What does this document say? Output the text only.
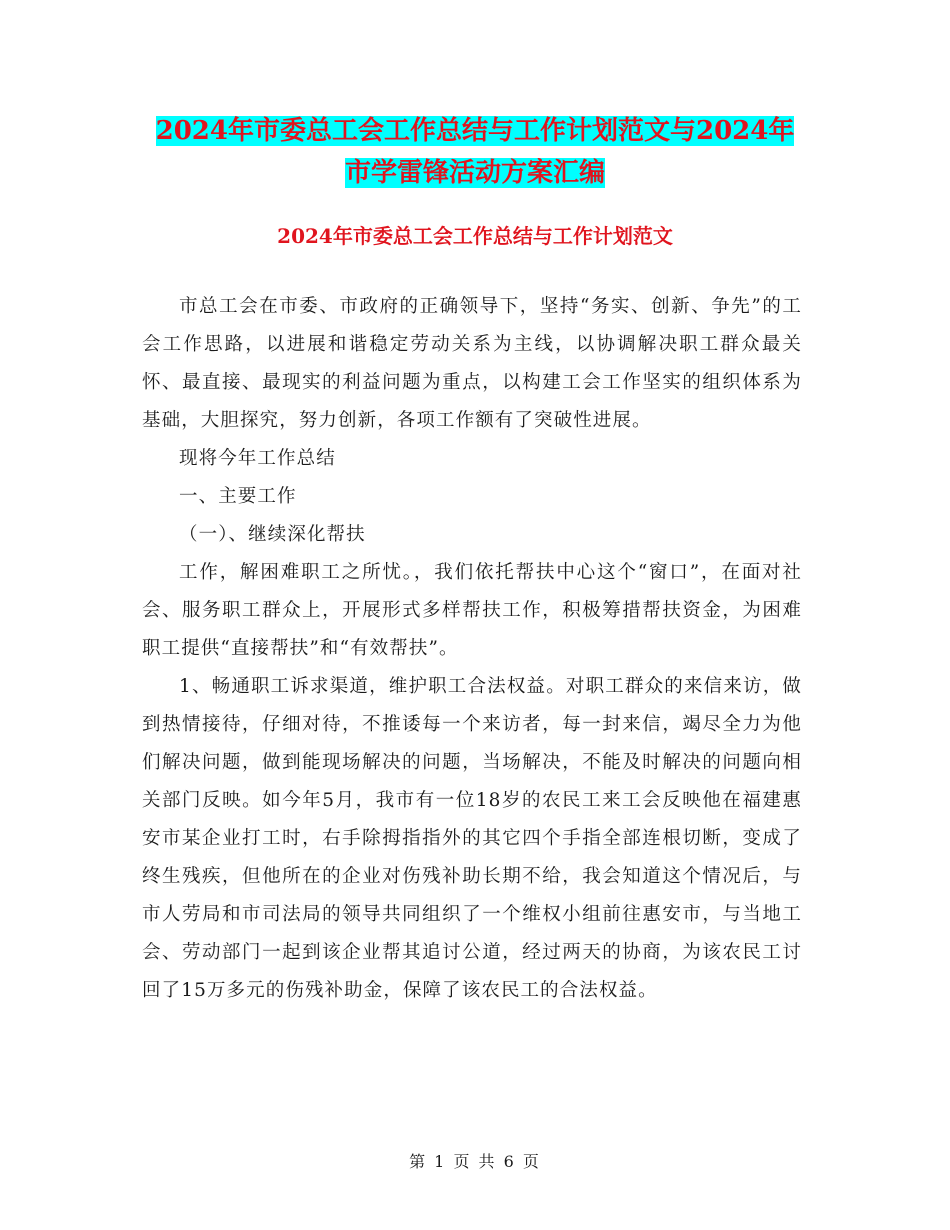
2024年市委总工会工作总结与工作计划范文与2024年
市学雷锋活动方案汇编
2024年市委总工会工作总结与工作计划范文

市总工会在市委、市政府的正确领导下，坚持“务实、创新、争先”的工会工作思路，以进展和谐稳定劳动关系为主线，以协调解决职工群众最关怀、最直接、最现实的利益问题为重点，以构建工会工作坚实的组织体系为基础，大胆探究，努力创新，各项工作额有了突破性进展。

现将今年工作总结

一、主要工作

（一）、继续深化帮扶

工作，解困难职工之所忧。，我们依托帮扶中心这个“窗口”，在面对社会、服务职工群众上，开展形式多样帮扶工作，积极筹措帮扶资金，为困难职工提供“直接帮扶”和“有效帮扶”。

1、畅通职工诉求渠道，维护职工合法权益。对职工群众的来信来访，做到热情接待，仔细对待，不推诿每一个来访者，每一封来信，竭尽全力为他们解决问题，做到能现场解决的问题，当场解决，不能及时解决的问题向相关部门反映。如今年5月，我市有一位18岁的农民工来工会反映他在福建惠安市某企业打工时，右手除拇指指外的其它四个手指全部连根切断，变成了终生残疾，但他所在的企业对伤残补助长期不给，我会知道这个情况后，与市人劳局和市司法局的领导共同组织了一个维权小组前往惠安市，与当地工会、劳动部门一起到该企业帮其追讨公道，经过两天的协商，为该农民工讨回了15万多元的伤残补助金，保障了该农民工的合法权益。

第 1 页 共 6 页
